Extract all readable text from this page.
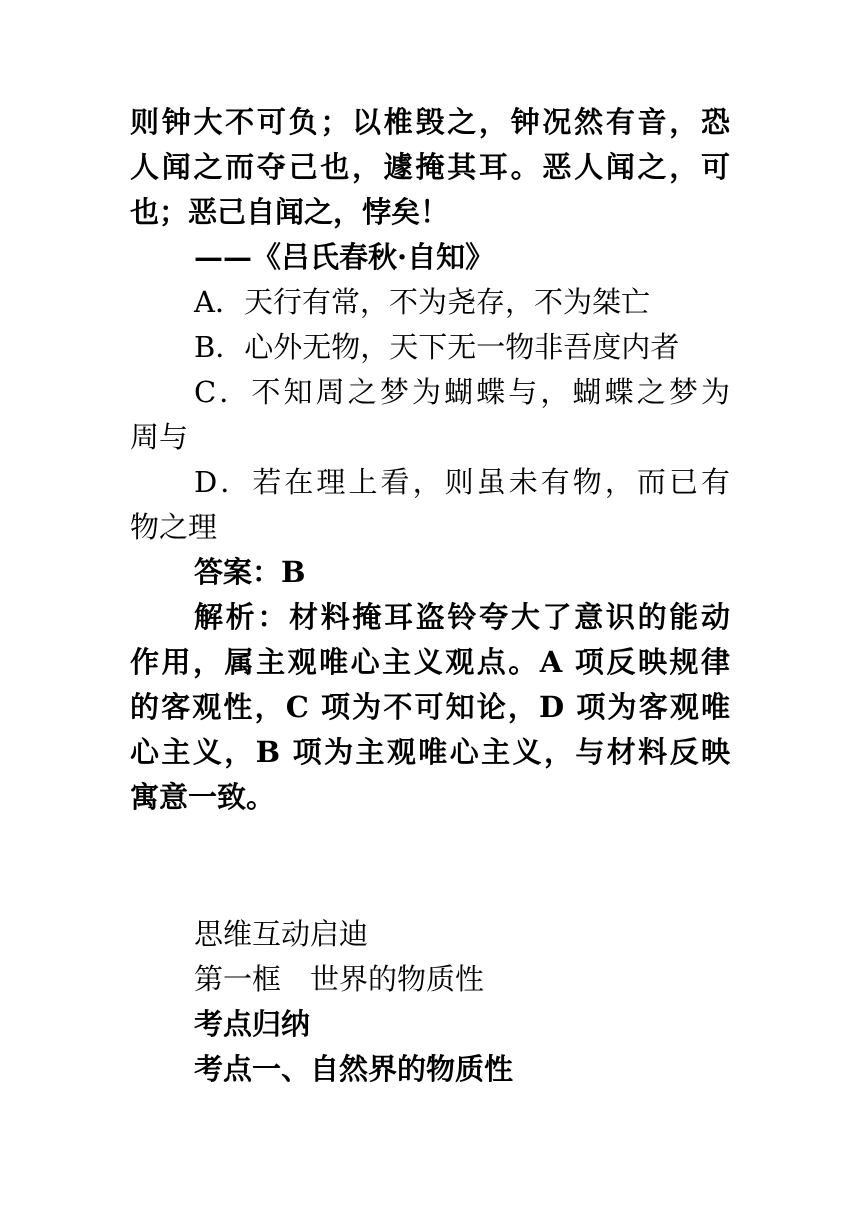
则钟大不可负；以椎毁之，钟况然有音，恐
人闻之而夺己也，遽掩其耳。恶人闻之，可
也；恶己自闻之，悖矣！
——《吕氏春秋·自知》
A．天行有常，不为尧存，不为桀亡
B．心外无物，天下无一物非吾度内者
C．不知周之梦为蝴蝶与，蝴蝶之梦为
周与
D．若在理上看，则虽未有物，而已有
物之理
答案：B
解析：材料掩耳盗铃夸大了意识的能动
作用，属主观唯心主义观点。A 项反映规律
的客观性，C 项为不可知论，D 项为客观唯
心主义，B 项为主观唯心主义，与材料反映
寓意一致。
思维互动启迪
第一框　世界的物质性
考点归纳
考点一、自然界的物质性
